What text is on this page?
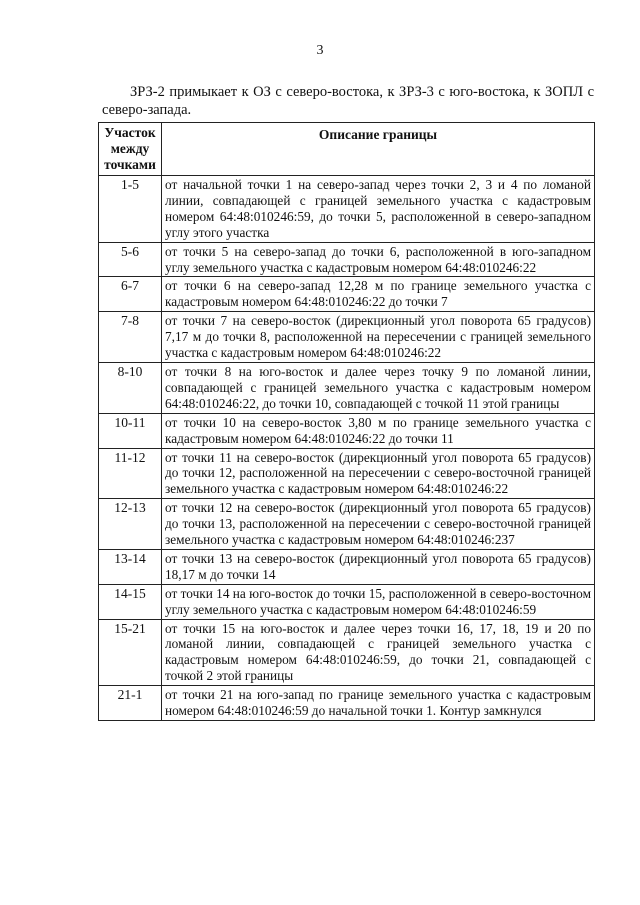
3

ЗРЗ-2 примыкает к ОЗ с северо-востока, к ЗРЗ-3 с юго-востока, к ЗОПЛ с северо-запада.

Участок между точками	Описание границы
1-5	от начальной точки 1 на северо-запад через точки 2, 3 и 4 по ломаной линии, совпадающей с границей земельного участка с кадастровым номером 64:48:010246:59, до точки 5, расположенной в северо-западном углу этого участка
5-6	от точки 5 на северо-запад до точки 6, расположенной в юго-западном углу земельного участка с кадастровым номером 64:48:010246:22
6-7	от точки 6 на северо-запад 12,28 м по границе земельного участка с кадастровым номером 64:48:010246:22 до точки 7
7-8	от точки 7 на северо-восток (дирекционный угол поворота 65 градусов) 7,17 м до точки 8, расположенной на пересечении с границей земельного участка с кадастровым номером 64:48:010246:22
8-10	от точки 8 на юго-восток и далее через точку 9 по ломаной линии, совпадающей с границей земельного участка с кадастровым номером 64:48:010246:22, до точки 10, совпадающей с точкой 11 этой границы
10-11	от точки 10 на северо-восток 3,80 м по границе земельного участка с кадастровым номером 64:48:010246:22 до точки 11
11-12	от точки 11 на северо-восток (дирекционный угол поворота 65 градусов) до точки 12, расположенной на пересечении с северо-восточной границей земельного участка с кадастровым номером 64:48:010246:22
12-13	от точки 12 на северо-восток (дирекционный угол поворота 65 градусов) до точки 13, расположенной на пересечении с северо-восточной границей земельного участка с кадастровым номером 64:48:010246:237
13-14	от точки 13 на северо-восток (дирекционный угол поворота 65 градусов) 18,17 м до точки 14
14-15	от точки 14 на юго-восток до точки 15, расположенной в северо-восточном углу земельного участка с кадастровым номером 64:48:010246:59
15-21	от точки 15 на юго-восток и далее через точки 16, 17, 18, 19 и 20 по ломаной линии, совпадающей с границей земельного участка с кадастровым номером 64:48:010246:59, до точки 21, совпадающей с точкой 2 этой границы
21-1	от точки 21 на юго-запад по границе земельного участка с кадастровым номером 64:48:010246:59 до начальной точки 1. Контур замкнулся
